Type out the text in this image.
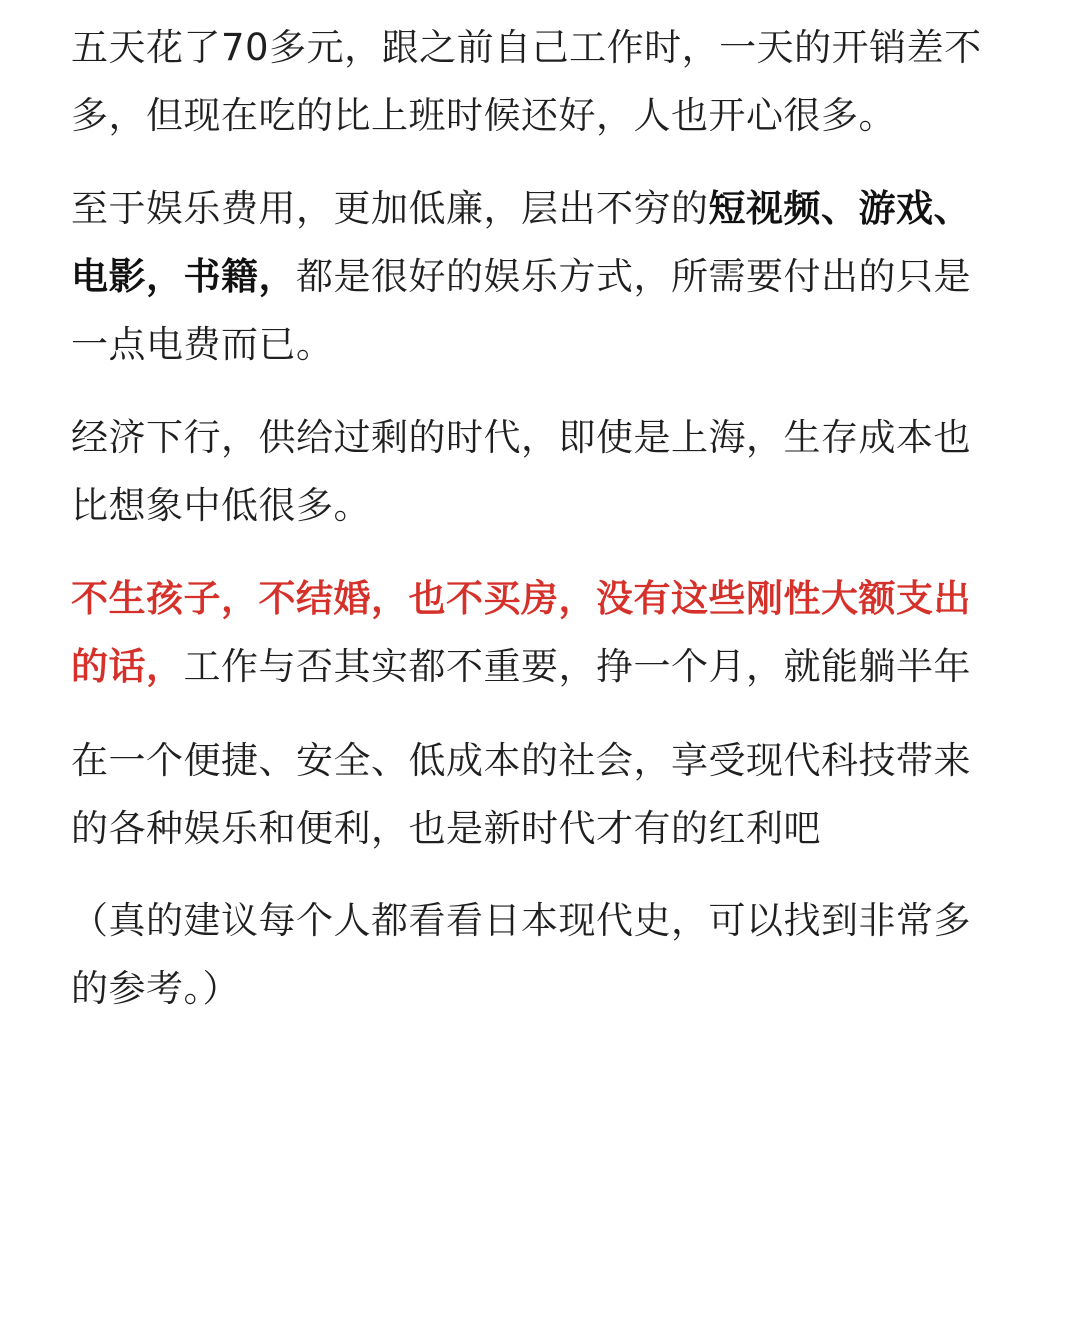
五天花了70多元，跟之前自己工作时，一天的开销差不多，但现在吃的比上班时候还好，人也开心很多。

至于娱乐费用，更加低廉，层出不穷的短视频、游戏、电影，书籍，都是很好的娱乐方式，所需要付出的只是一点电费而已。

经济下行，供给过剩的时代，即使是上海，生存成本也比想象中低很多。

不生孩子，不结婚，也不买房，没有这些刚性大额支出的话，工作与否其实都不重要，挣一个月，就能躺半年

在一个便捷、安全、低成本的社会，享受现代科技带来的各种娱乐和便利，也是新时代才有的红利吧

（真的建议每个人都看看日本现代史，可以找到非常多的参考。）
